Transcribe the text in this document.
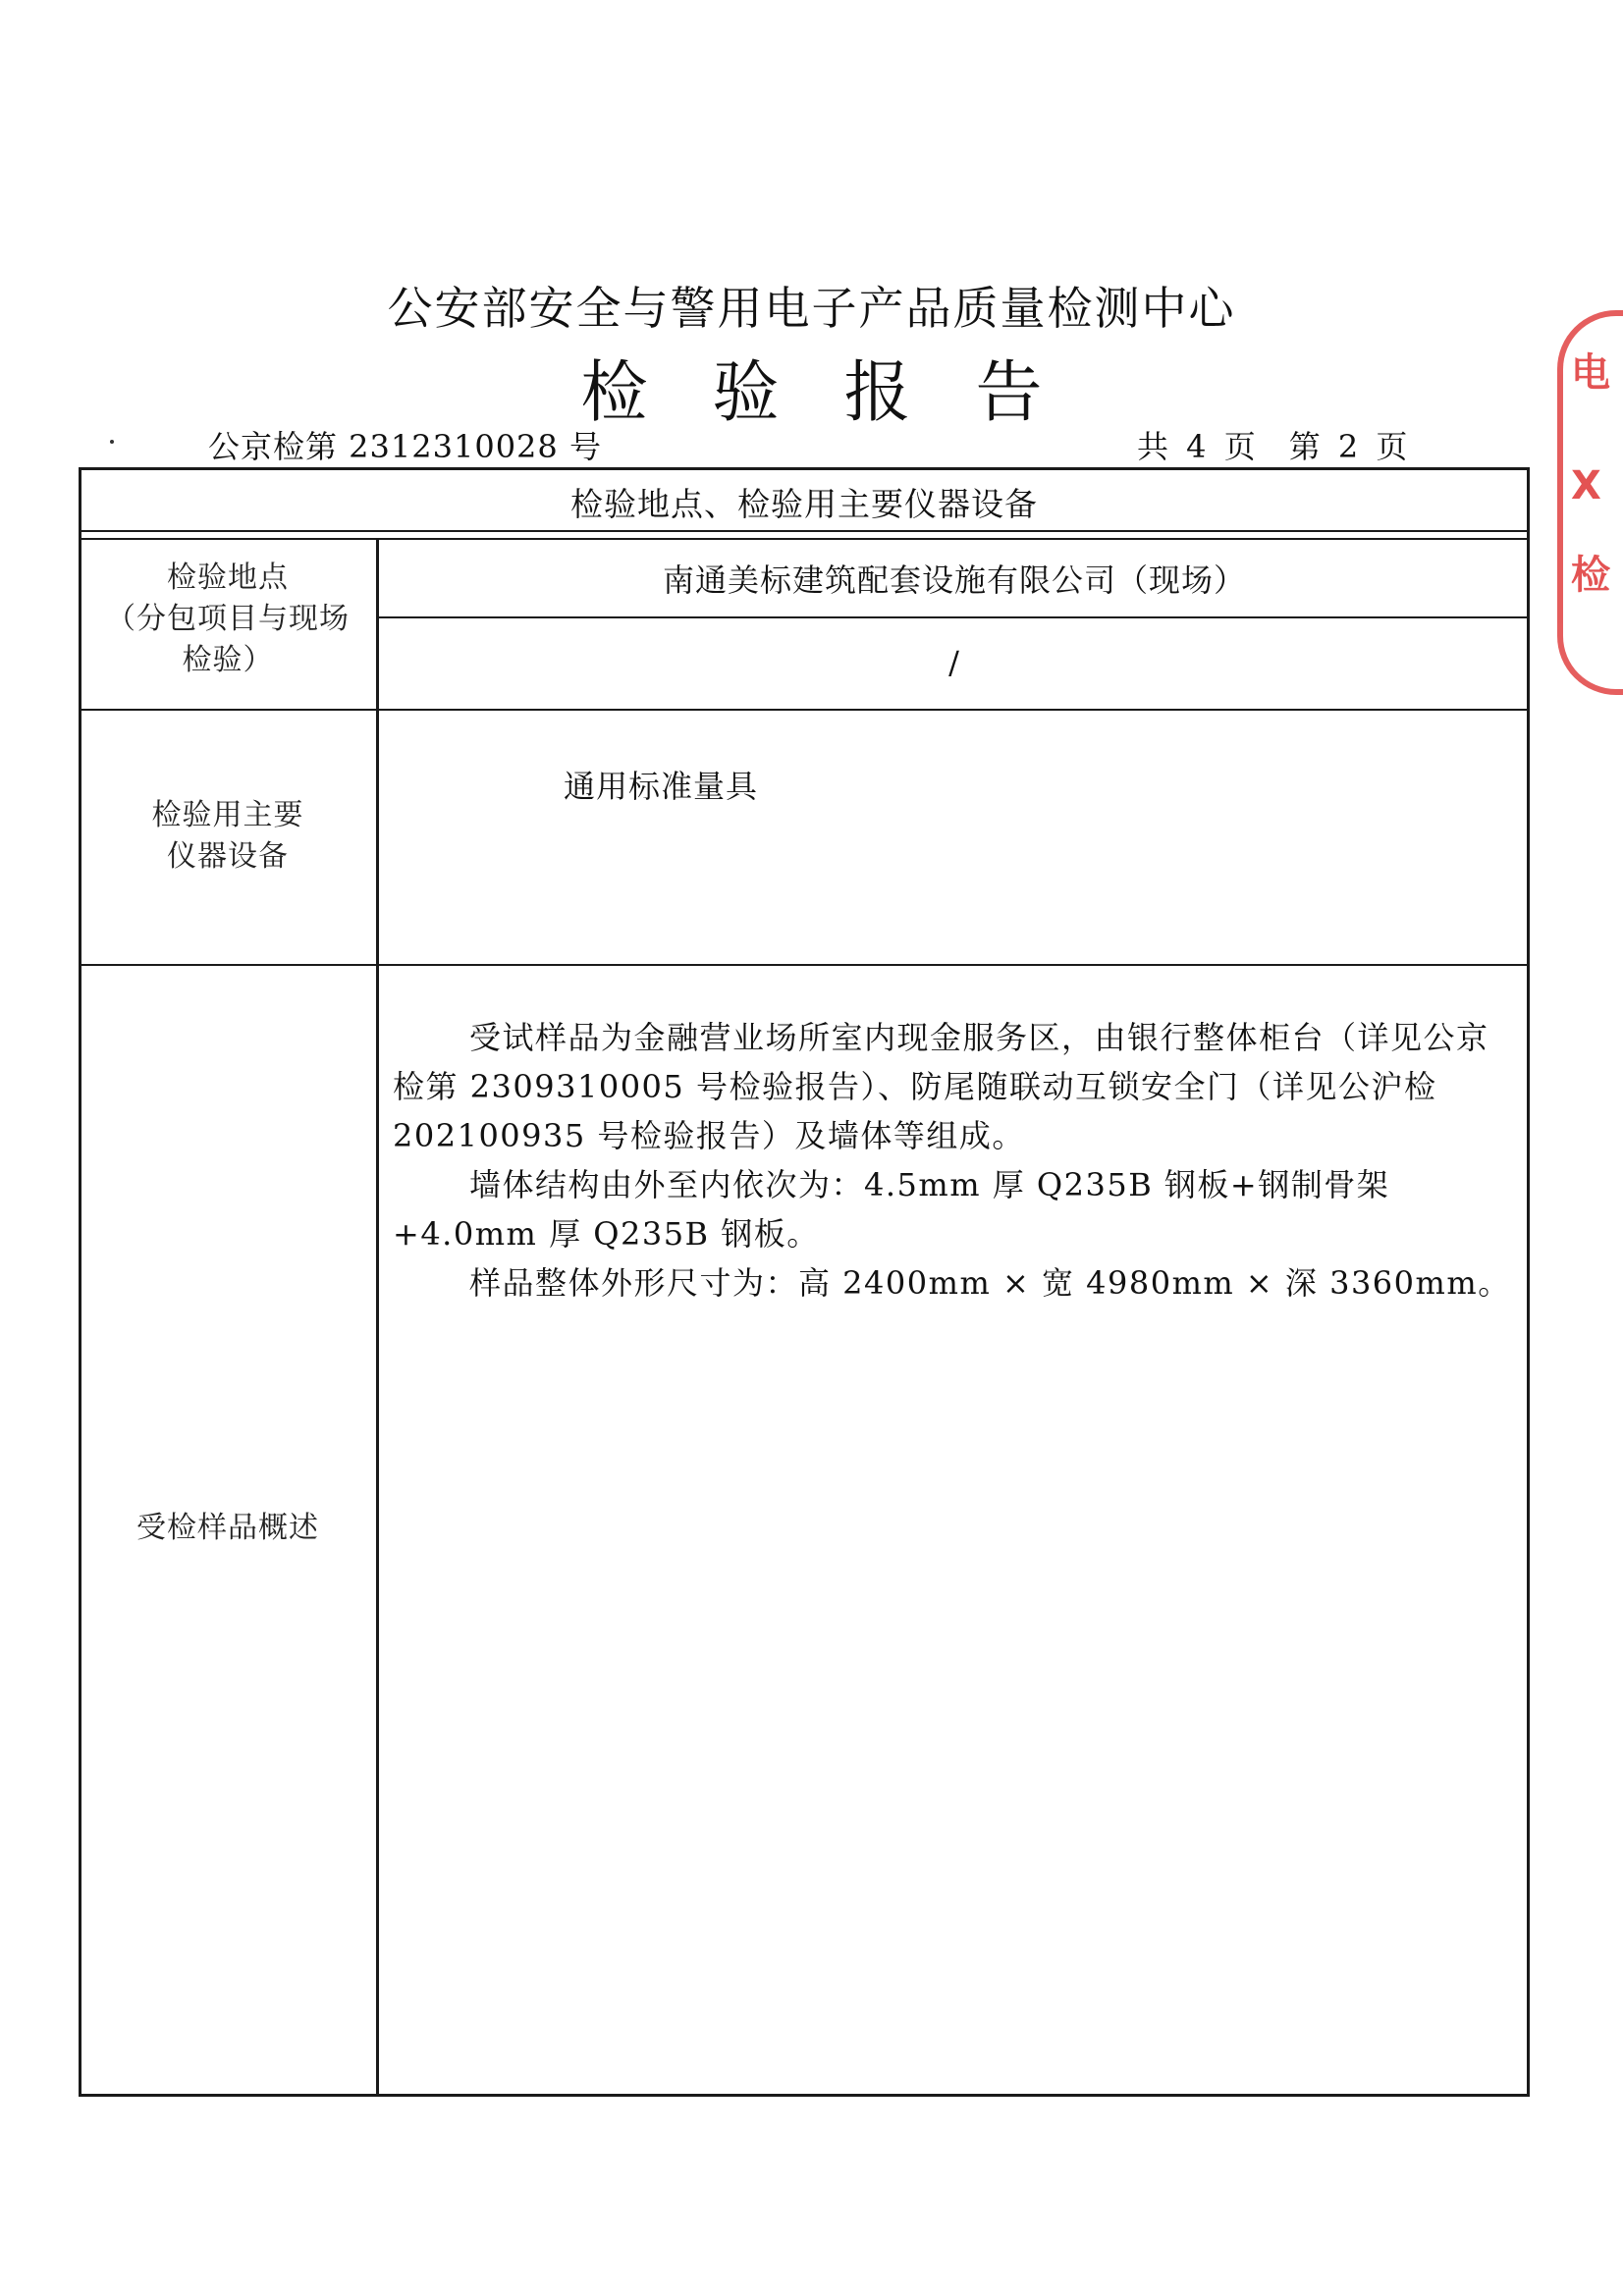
公安部安全与警用电子产品质量检测中心
检验报告
公京检第 2312310028 号	共 4 页　第 2 页
检验地点、检验用主要仪器设备
检验地点
（分包项目与现场
检验）
南通美标建筑配套设施有限公司（现场）
/
检验用主要
仪器设备
通用标准量具
受检样品概述

受试样品为金融营业场所室内现金服务区，由银行整体柜台（详见公京检第 2309310005 号检验报告）、防尾随联动互锁安全门（详见公沪检 202100935 号检验报告）及墙体等组成。

墙体结构由外至内依次为：4.5mm 厚 Q235B 钢板+钢制骨架+4.0mm 厚 Q235B 钢板。

样品整体外形尺寸为：高 2400mm × 宽 4980mm × 深 3360mm。

电
X
检
